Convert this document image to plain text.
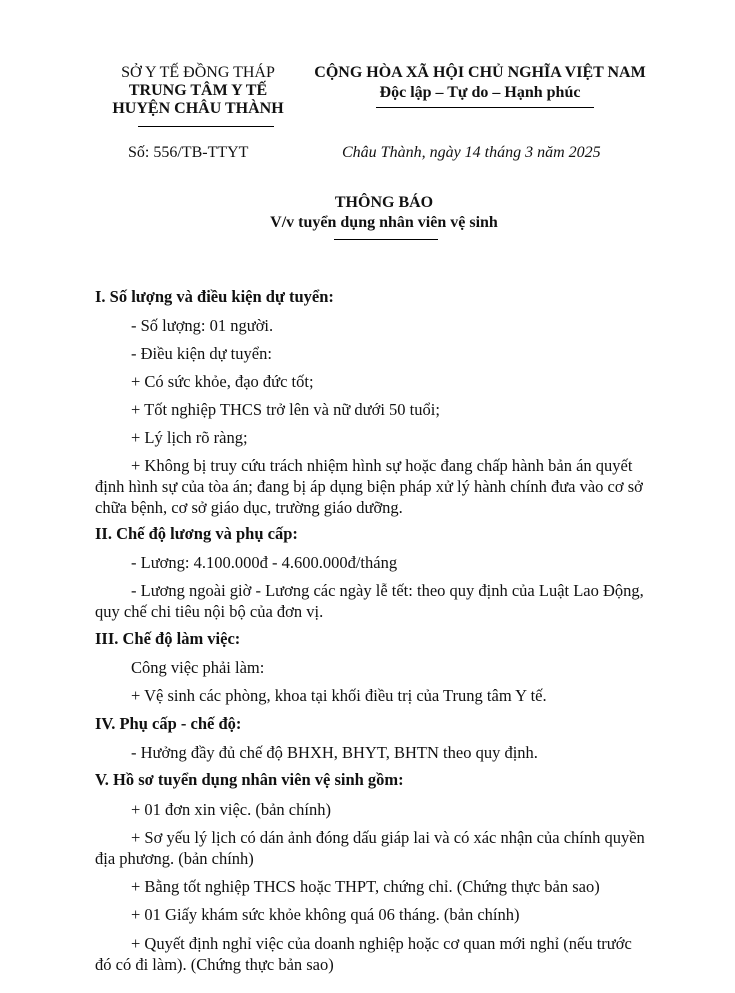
SỞ Y TẾ ĐỒNG THÁP
TRUNG TÂM Y TẾ
HUYỆN CHÂU THÀNH
CỘNG HÒA XÃ HỘI CHỦ NGHĨA VIỆT NAM
Độc lập – Tự do – Hạnh phúc
Số: 556/TB-TTYT	Châu Thành, ngày 14 tháng 3 năm 2025
THÔNG BÁO
V/v tuyển dụng nhân viên vệ sinh
I. Số lượng và điều kiện dự tuyển:
- Số lượng: 01 người.
- Điều kiện dự tuyển:
+ Có sức khỏe, đạo đức tốt;
+ Tốt nghiệp THCS trở lên và nữ dưới 50 tuổi;
+ Lý lịch rõ ràng;
+ Không bị truy cứu trách nhiệm hình sự hoặc đang chấp hành bản án quyết
định hình sự của tòa án; đang bị áp dụng biện pháp xử lý hành chính đưa vào cơ sở
chữa bệnh, cơ sở giáo dục, trường giáo dưỡng.
II. Chế độ lương và phụ cấp:
- Lương: 4.100.000đ - 4.600.000đ/tháng
- Lương ngoài giờ - Lương các ngày lễ tết: theo quy định của Luật Lao Động,
quy chế chi tiêu nội bộ của đơn vị.
III. Chế độ làm việc:
Công việc phải làm:
+ Vệ sinh các phòng, khoa tại khối điều trị của Trung tâm Y tế.
IV. Phụ cấp - chế độ:
- Hưởng đầy đủ chế độ BHXH, BHYT, BHTN theo quy định.
V. Hồ sơ tuyển dụng nhân viên vệ sinh gồm:
+ 01 đơn xin việc. (bản chính)
+ Sơ yếu lý lịch có dán ảnh đóng dấu giáp lai và có xác nhận của chính quyền
địa phương. (bản chính)
+ Bằng tốt nghiệp THCS hoặc THPT, chứng chỉ. (Chứng thực bản sao)
+ 01 Giấy khám sức khỏe không quá 06 tháng. (bản chính)
+ Quyết định nghỉ việc của doanh nghiệp hoặc cơ quan mới nghỉ (nếu trước
đó có đi làm). (Chứng thực bản sao)
